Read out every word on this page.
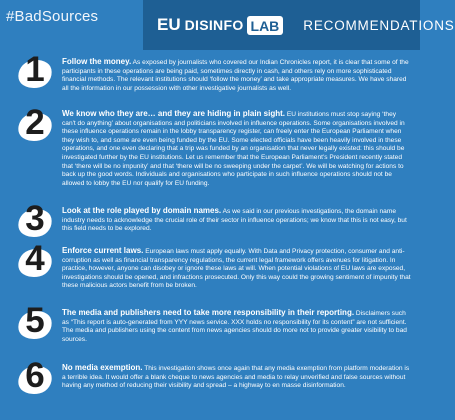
#BadSources	EU DISINFO LAB RECOMMENDATIONS
1	Follow the money. As exposed by journalists who covered our Indian Chronicles report, it is clear that some of the participants in these operations are being paid, sometimes directly in cash, and others rely on more sophisticated financial methods. The relevant institutions should ‘follow the money’ and take appropriate measures. We have shared all the information in our possession with other investigative journalists as well.
2	We know who they are… and they are hiding in plain sight. EU institutions must stop saying ‘they can't do anything’ about organisations and politicians involved in influence operations. Some organisations involved in these influence operations remain in the lobby transparency register, can freely enter the European Parliament when they wish to, and some are even being funded by the EU. Some elected officials have been heavily involved in these operations, and one even declaring that a trip was funded by an organisation that never legally existed: this should be investigated further by the EU institutions. Let us remember that the European Parliament’s President recently stated that ‘there will be no impunity’ and that ‘there will be no sweeping under the carpet’. We will be watching for actions to back up the good words. Individuals and organisations who participate in such influence operations should not be allowed to lobby the EU nor qualify for EU funding.
3	Look at the role played by domain names. As we said in our previous investigations, the domain name industry needs to acknowledge the crucial role of their sector in influence operations; we know that this is not easy, but this field needs to be explored.
4	Enforce current laws. European laws must apply equally. With Data and Privacy protection, consumer and anti-corruption as well as financial transparency regulations, the current legal framework offers avenues for litigation. In practice, however, anyone can disobey or ignore these laws at will. When potential violations of EU laws are exposed, investigations should be opened, and infractions prosecuted. Only this way could the growing sentiment of impunity that these malicious actors benefit from be broken.
5	The media and publishers need to take more responsibility in their reporting. Disclaimers such as “This report is auto-generated from YYY news service. XXX holds no responsibility for its content” are not sufficient. The media and publishers using the content from news agencies should do more not to provide greater visibility to bad sources.
6	No media exemption. This investigation shows once again that any media exemption from platform moderation is a terrible idea. It would offer a blank cheque to news agencies and media to relay unverified and false sources without having any method of reducing their visibility and spread – a highway to en masse disinformation.
